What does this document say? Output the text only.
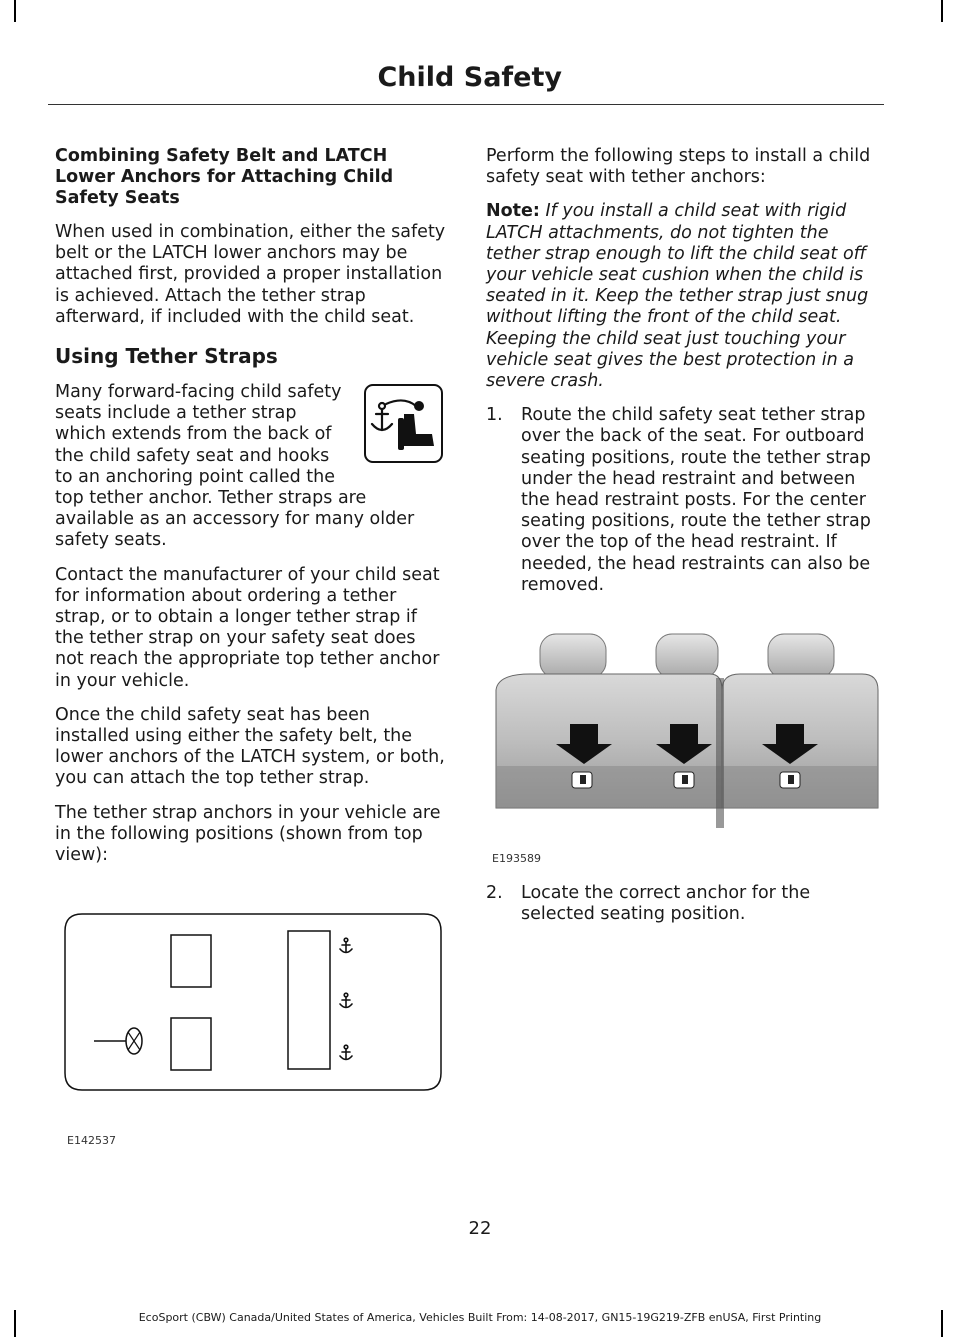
Child Safety
Combining Safety Belt and LATCH Lower Anchors for Attaching Child Safety Seats
When used in combination, either the safety belt or the LATCH lower anchors may be attached first, provided a proper installation is achieved. Attach the tether strap afterward, if included with the child seat.
Using Tether Straps
Many forward-facing child safety seats include a tether strap which extends from the back of the child safety seat and hooks to an anchoring point called the top tether anchor. Tether straps are available as an accessory for many older safety seats.
Contact the manufacturer of your child seat for information about ordering a tether strap, or to obtain a longer tether strap if the tether strap on your safety seat does not reach the appropriate top tether anchor in your vehicle.
Once the child safety seat has been installed using either the safety belt, the lower anchors of the LATCH system, or both, you can attach the top tether strap.
The tether strap anchors in your vehicle are in the following positions (shown from top view):
E142537
Perform the following steps to install a child safety seat with tether anchors:
Note: If you install a child seat with rigid LATCH attachments, do not tighten the tether strap enough to lift the child seat off your vehicle seat cushion when the child is seated in it. Keep the tether strap just snug without lifting the front of the child seat. Keeping the child seat just touching your vehicle seat gives the best protection in a severe crash.
1.	Route the child safety seat tether strap over the back of the seat. For outboard seating positions, route the tether strap under the head restraint and between the head restraint posts. For the center seating positions, route the tether strap over the top of the head restraint. If needed, the head restraints can also be removed.
E193589
2.	Locate the correct anchor for the selected seating position.
22
EcoSport (CBW) Canada/United States of America, Vehicles Built From: 14-08-2017, GN15-19G219-ZFB enUSA, First Printing
